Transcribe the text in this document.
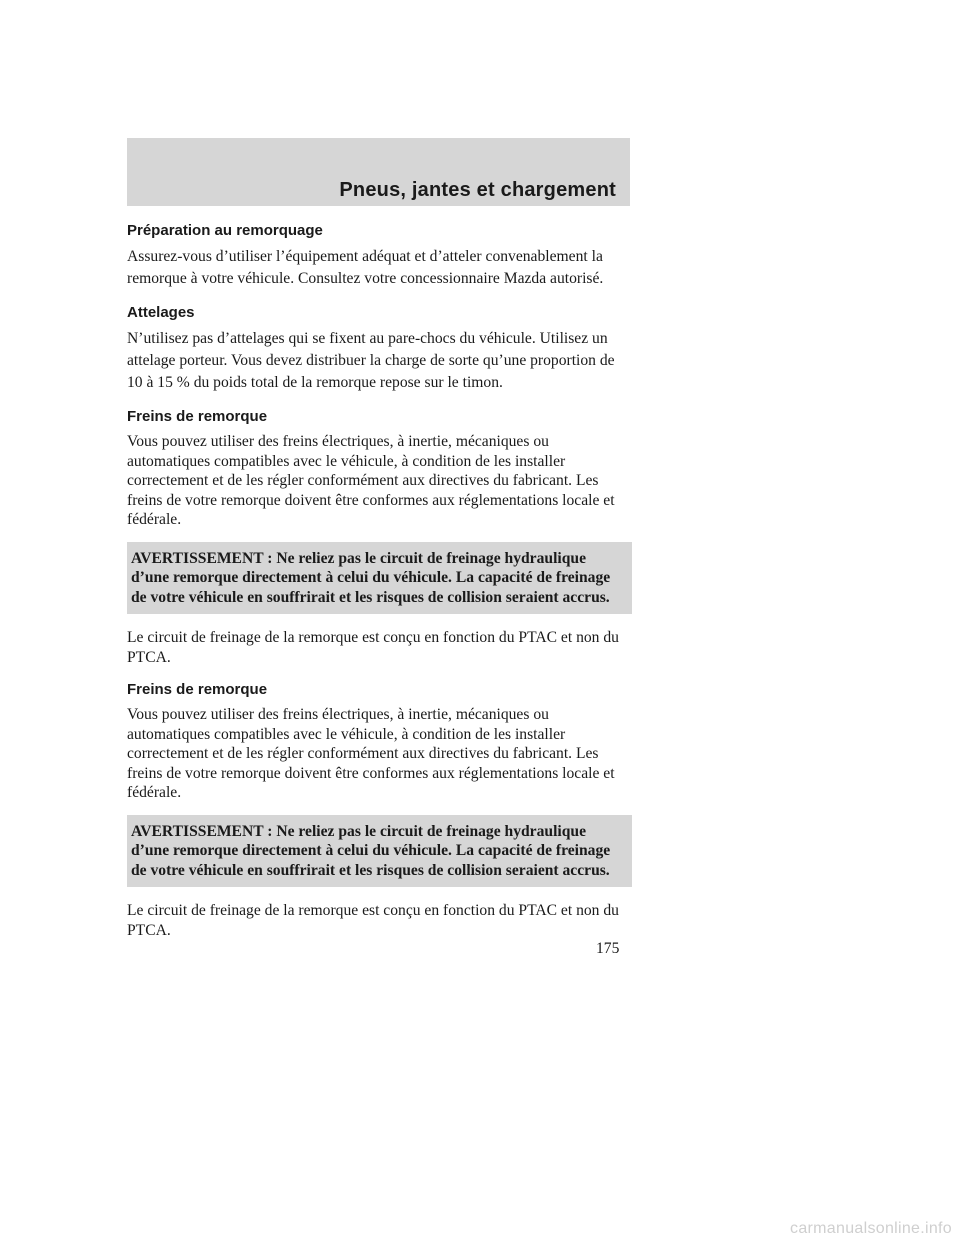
Pneus, jantes et chargement
Préparation au remorquage

Assurez-vous d’utiliser l’équipement adéquat et d’atteler convenablement la remorque à votre véhicule. Consultez votre concessionnaire Mazda autorisé.

Attelages

N’utilisez pas d’attelages qui se fixent au pare-chocs du véhicule. Utilisez un attelage porteur. Vous devez distribuer la charge de sorte qu’une proportion de 10 à 15 % du poids total de la remorque repose sur le timon.

Freins de remorque

Vous pouvez utiliser des freins électriques, à inertie, mécaniques ou automatiques compatibles avec le véhicule, à condition de les installer correctement et de les régler conformément aux directives du fabricant. Les freins de votre remorque doivent être conformes aux réglementations locale et fédérale.

AVERTISSEMENT : Ne reliez pas le circuit de freinage hydraulique d’une remorque directement à celui du véhicule. La capacité de freinage de votre véhicule en souffrirait et les risques de collision seraient accrus.

Le circuit de freinage de la remorque est conçu en fonction du PTAC et non du PTCA.

Freins de remorque

Vous pouvez utiliser des freins électriques, à inertie, mécaniques ou automatiques compatibles avec le véhicule, à condition de les installer correctement et de les régler conformément aux directives du fabricant. Les freins de votre remorque doivent être conformes aux réglementations locale et fédérale.

AVERTISSEMENT : Ne reliez pas le circuit de freinage hydraulique d’une remorque directement à celui du véhicule. La capacité de freinage de votre véhicule en souffrirait et les risques de collision seraient accrus.

Le circuit de freinage de la remorque est conçu en fonction du PTAC et non du PTCA.

175
carmanualsonline.info
